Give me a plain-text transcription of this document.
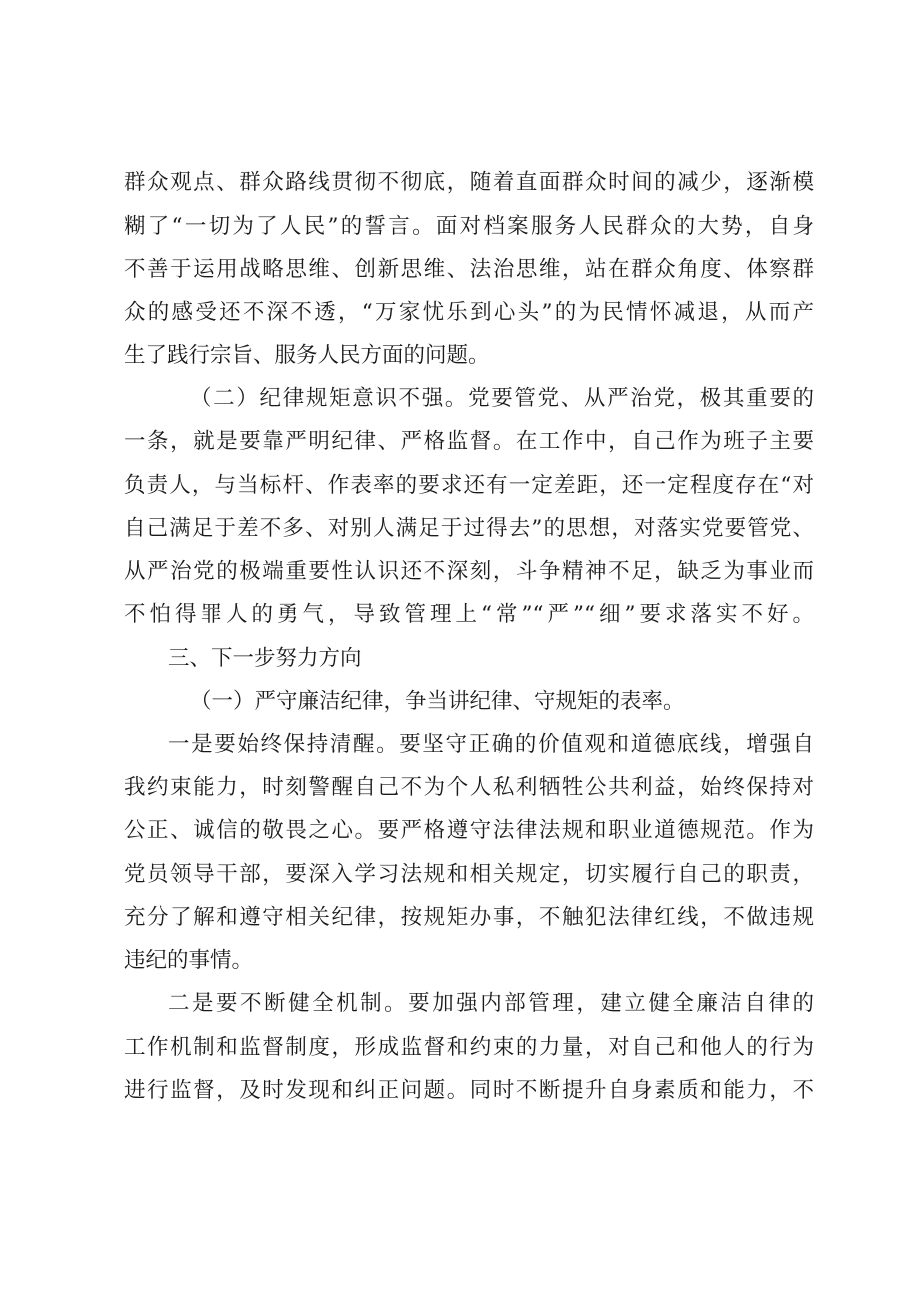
群众观点、群众路线贯彻不彻底，随着直面群众时间的减少，逐渐模
糊了“一切为了人民”的誓言。面对档案服务人民群众的大势，自身
不善于运用战略思维、创新思维、法治思维，站在群众角度、体察群
众的感受还不深不透，“万家忧乐到心头”的为民情怀减退，从而产
生了践行宗旨、服务人民方面的问题。
（二）纪律规矩意识不强。党要管党、从严治党，极其重要的
一条，就是要靠严明纪律、严格监督。在工作中，自己作为班子主要
负责人，与当标杆、作表率的要求还有一定差距，还一定程度存在“对
自己满足于差不多、对别人满足于过得去”的思想，对落实党要管党、
从严治党的极端重要性认识还不深刻，斗争精神不足，缺乏为事业而
不怕得罪人的勇气，导致管理上“常”“严”“细”要求落实不好。
三、下一步努力方向
（一）严守廉洁纪律，争当讲纪律、守规矩的表率。
一是要始终保持清醒。要坚守正确的价值观和道德底线，增强自
我约束能力，时刻警醒自己不为个人私利牺牲公共利益，始终保持对
公正、诚信的敬畏之心。要严格遵守法律法规和职业道德规范。作为
党员领导干部，要深入学习法规和相关规定，切实履行自己的职责，
充分了解和遵守相关纪律，按规矩办事，不触犯法律红线，不做违规
违纪的事情。
二是要不断健全机制。要加强内部管理，建立健全廉洁自律的
工作机制和监督制度，形成监督和约束的力量，对自己和他人的行为
进行监督，及时发现和纠正问题。同时不断提升自身素质和能力，不
